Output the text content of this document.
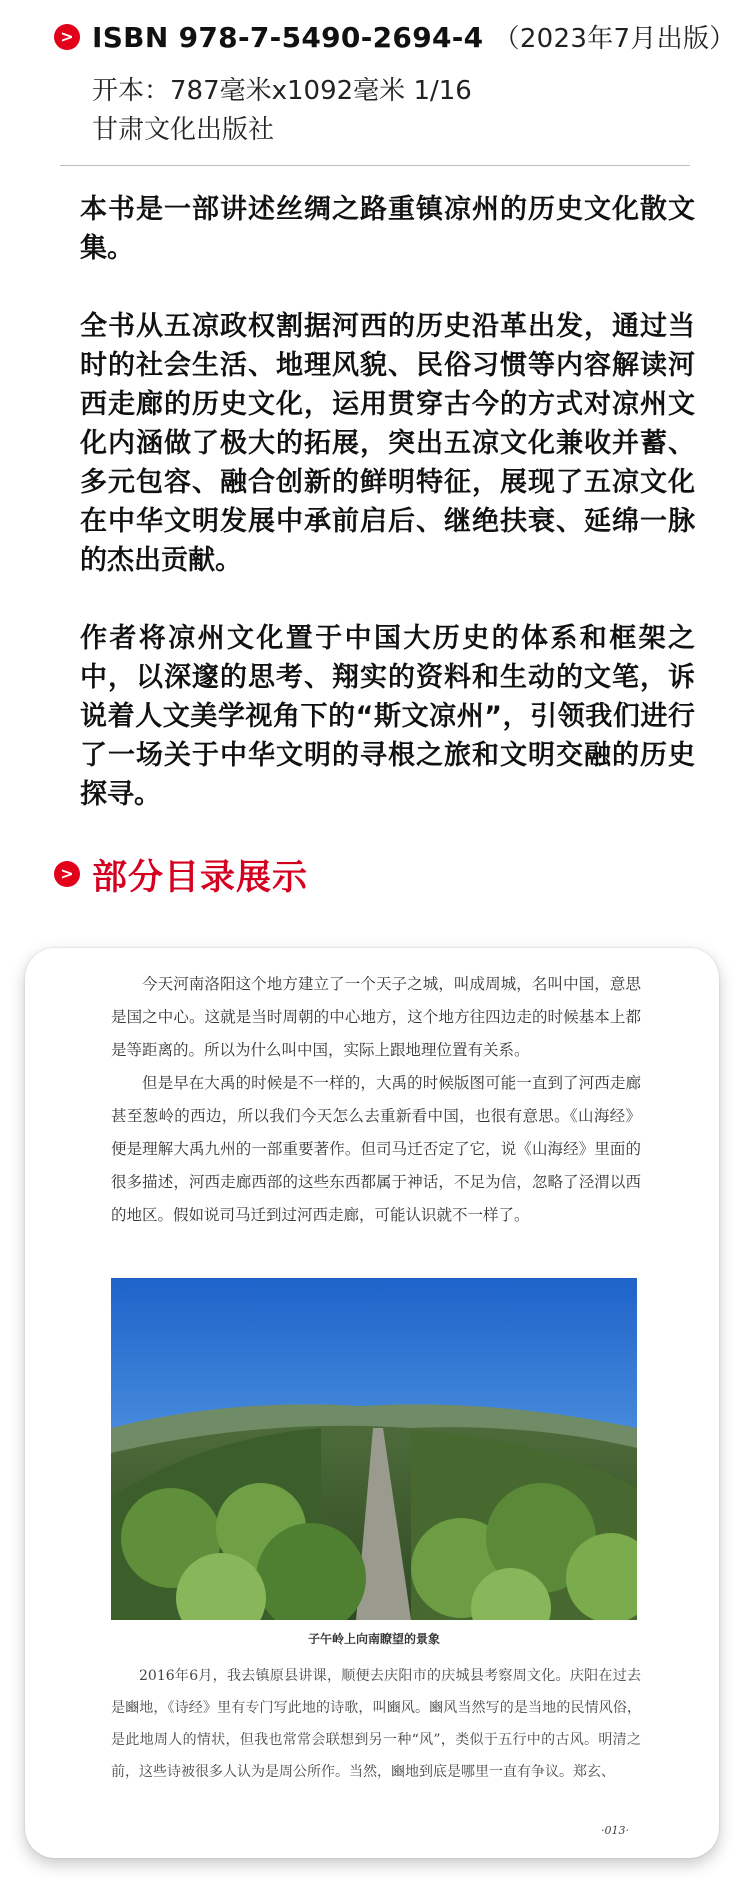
> ISBN 978-7-5490-2694-4 （2023年7月出版）
开本：787毫米x1092毫米 1/16
甘肃文化出版社

本书是一部讲述丝绸之路重镇凉州的历史文化散文集。

全书从五凉政权割据河西的历史沿革出发，通过当时的社会生活、地理风貌、民俗习惯等内容解读河西走廊的历史文化，运用贯穿古今的方式对凉州文化内涵做了极大的拓展，突出五凉文化兼收并蓄、多元包容、融合创新的鲜明特征，展现了五凉文化在中华文明发展中承前启后、继绝扶衰、延绵一脉的杰出贡献。

作者将凉州文化置于中国大历史的体系和框架之中，以深邃的思考、翔实的资料和生动的文笔，诉说着人文美学视角下的“斯文凉州”，引领我们进行了一场关于中华文明的寻根之旅和文明交融的历史探寻。

> 部分目录展示

今天河南洛阳这个地方建立了一个天子之城，叫成周城，名叫中国，意思是国之中心。这就是当时周朝的中心地方，这个地方往四边走的时候基本上都是等距离的。所以为什么叫中国，实际上跟地理位置有关系。

但是早在大禹的时候是不一样的，大禹的时候版图可能一直到了河西走廊甚至葱岭的西边，所以我们今天怎么去重新看中国，也很有意思。《山海经》便是理解大禹九州的一部重要著作。但司马迁否定了它，说《山海经》里面的很多描述，河西走廊西部的这些东西都属于神话，不足为信，忽略了泾渭以西的地区。假如说司马迁到过河西走廊，可能认识就不一样了。

子午岭上向南瞭望的景象

2016年6月，我去镇原县讲课，顺便去庆阳市的庆城县考察周文化。庆阳在过去是豳地，《诗经》里有专门写此地的诗歌，叫豳风。豳风当然写的是当地的民情风俗，是此地周人的情状，但我也常常会联想到另一种“风”，类似于五行中的古风。明清之前，这些诗被很多人认为是周公所作。当然，豳地到底是哪里一直有争议。郑玄、

·013·
